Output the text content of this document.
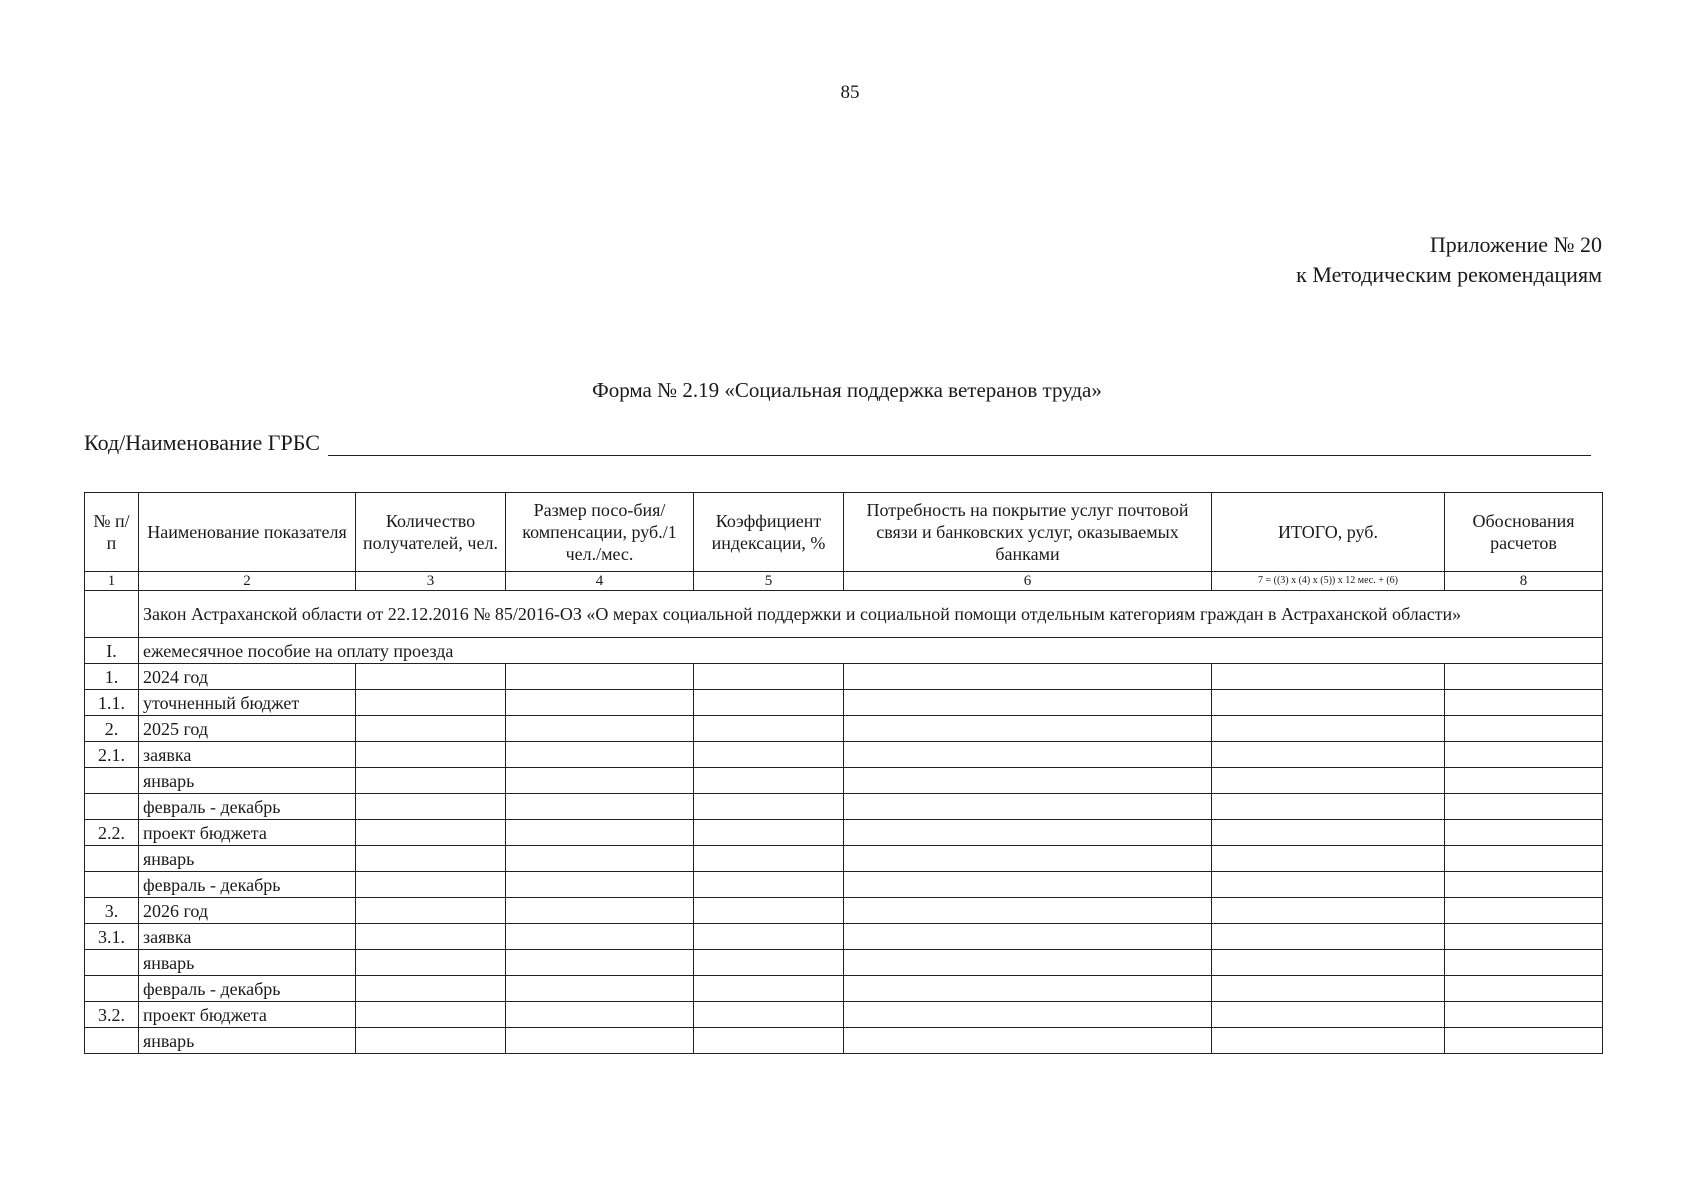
85
Приложение № 20
к Методическим рекомендациям
Форма № 2.19 «Социальная поддержка ветеранов труда»
Код/Наименование ГРБС
№ п/п	Наименование показателя	Количество получателей, чел.	Размер посо-бия/компенсации, руб./1 чел./мес.	Коэффициент индексации, %	Потребность на покрытие услуг почтовой связи и банковских услуг, оказываемых банками	ИТОГО, руб.	Обоснования расчетов
1	2	3	4	5	6	7 = ((3) x (4) x (5)) x 12 мес. + (6)	8
	Закон Астраханской области от 22.12.2016 № 85/2016-ОЗ «О мерах социальной поддержки и социальной помощи отдельным категориям граждан в Астраханской области»						
I.	ежемесячное пособие на оплату проезда						
1.	2024 год						
1.1.	уточненный бюджет						
2.	2025 год						
2.1.	заявка						
	январь						
	февраль - декабрь						
2.2.	проект бюджета						
	январь						
	февраль - декабрь						
3.	2026 год						
3.1.	заявка						
	январь						
	февраль - декабрь						
3.2.	проект бюджета						
	январь						
